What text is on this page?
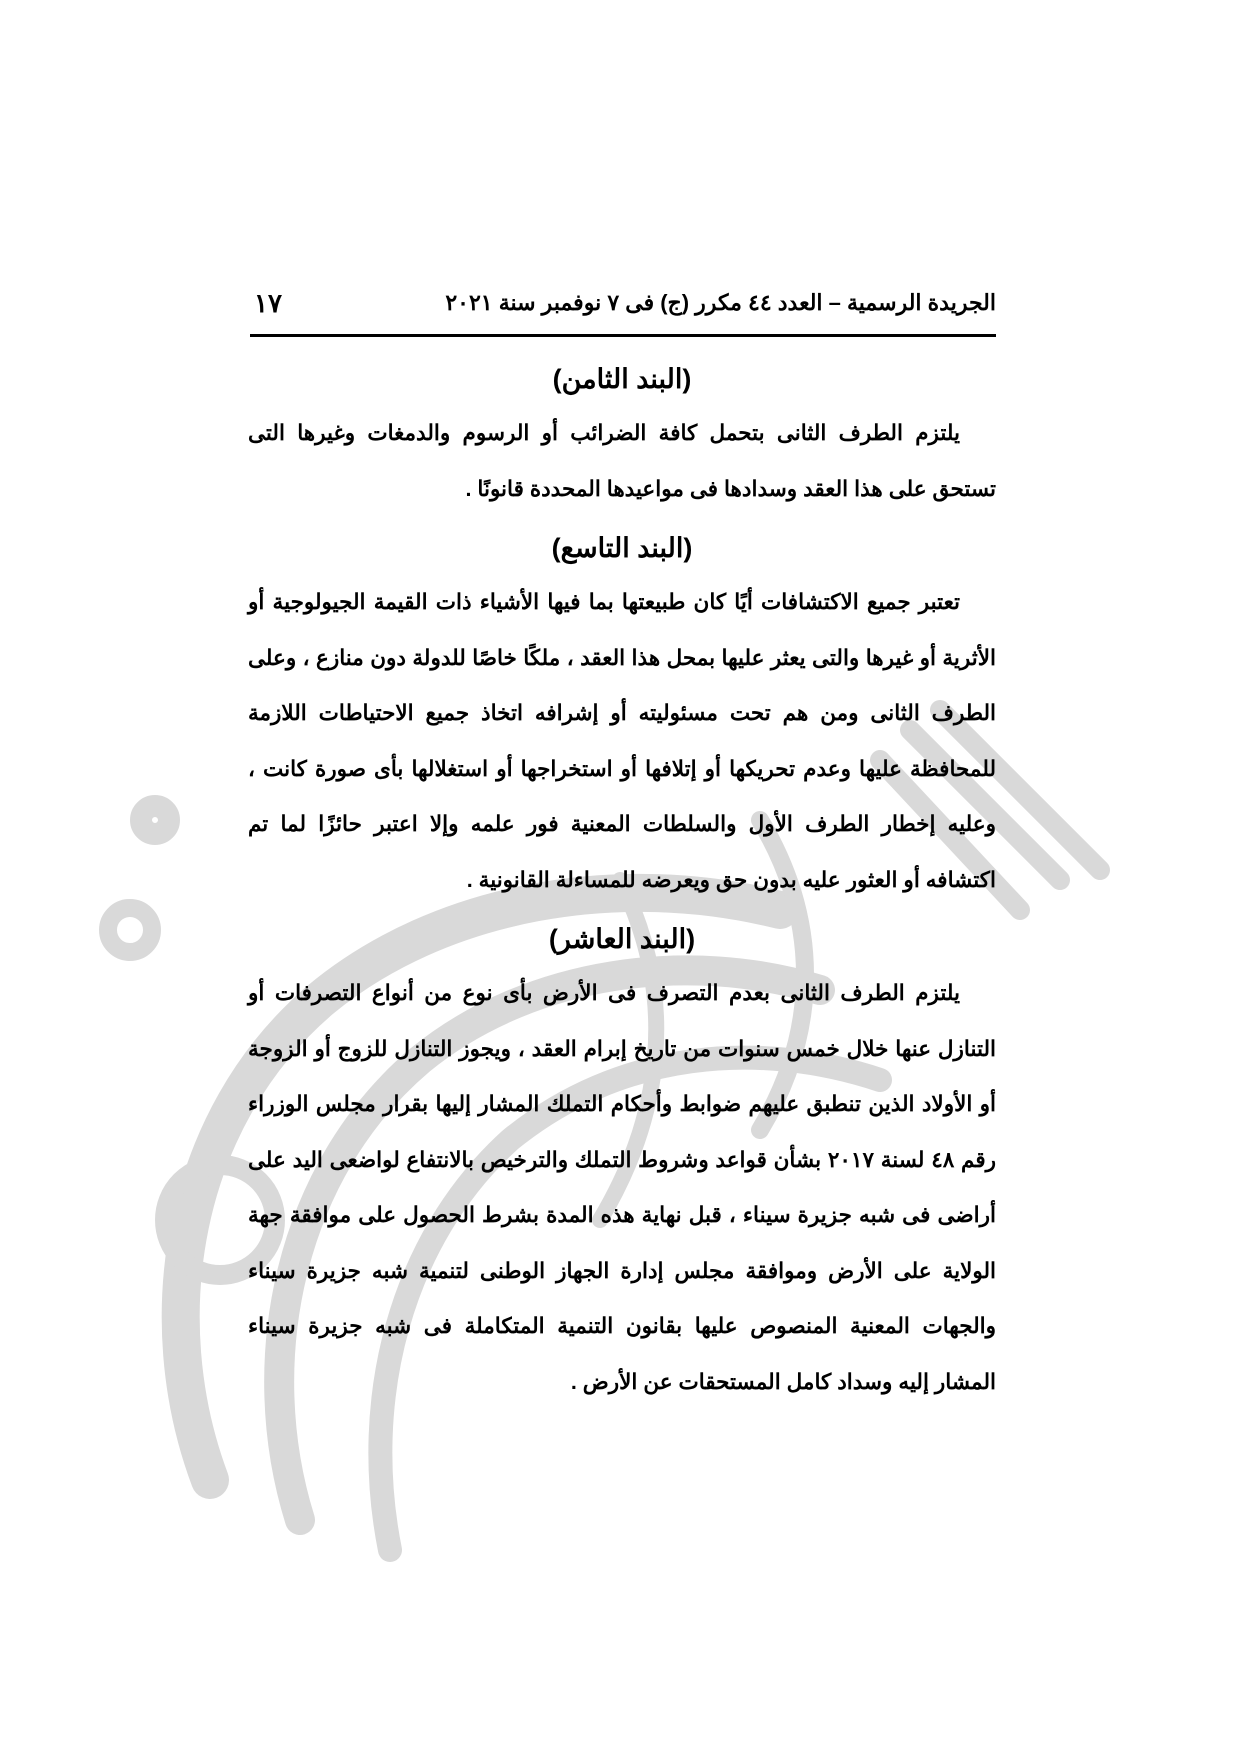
الجريدة الرسمية – العدد ٤٤ مكرر (ج) فى ٧ نوفمبر سنة ٢٠٢١
١٧
(البند الثامن)

يلتزم الطرف الثانى بتحمل كافة الضرائب أو الرسوم والدمغات وغيرها التى تستحق على هذا العقد وسدادها فى مواعيدها المحددة قانونًا .

(البند التاسع)

تعتبر جميع الاكتشافات أيًا كان طبيعتها بما فيها الأشياء ذات القيمة الجيولوجية أو الأثرية أو غيرها والتى يعثر عليها بمحل هذا العقد ، ملكًا خاصًا للدولة دون منازع ، وعلى الطرف الثانى ومن هم تحت مسئوليته أو إشرافه اتخاذ جميع الاحتياطات اللازمة للمحافظة عليها وعدم تحريكها أو إتلافها أو استخراجها أو استغلالها بأى صورة كانت ، وعليه إخطار الطرف الأول والسلطات المعنية فور علمه وإلا اعتبر حائزًا لما تم اكتشافه أو العثور عليه بدون حق ويعرضه للمساءلة القانونية .

(البند العاشر)

يلتزم الطرف الثانى بعدم التصرف فى الأرض بأى نوع من أنواع التصرفات أو التنازل عنها خلال خمس سنوات من تاريخ إبرام العقد ، ويجوز التنازل للزوج أو الزوجة أو الأولاد الذين تنطبق عليهم ضوابط وأحكام التملك المشار إليها بقرار مجلس الوزراء رقم ٤٨ لسنة ٢٠١٧ بشأن قواعد وشروط التملك والترخيص بالانتفاع لواضعى اليد على أراضى فى شبه جزيرة سيناء ، قبل نهاية هذه المدة بشرط الحصول على موافقة جهة الولاية على الأرض وموافقة مجلس إدارة الجهاز الوطنى لتنمية شبه جزيرة سيناء والجهات المعنية المنصوص عليها بقانون التنمية المتكاملة فى شبه جزيرة سيناء المشار إليه وسداد كامل المستحقات عن الأرض .
